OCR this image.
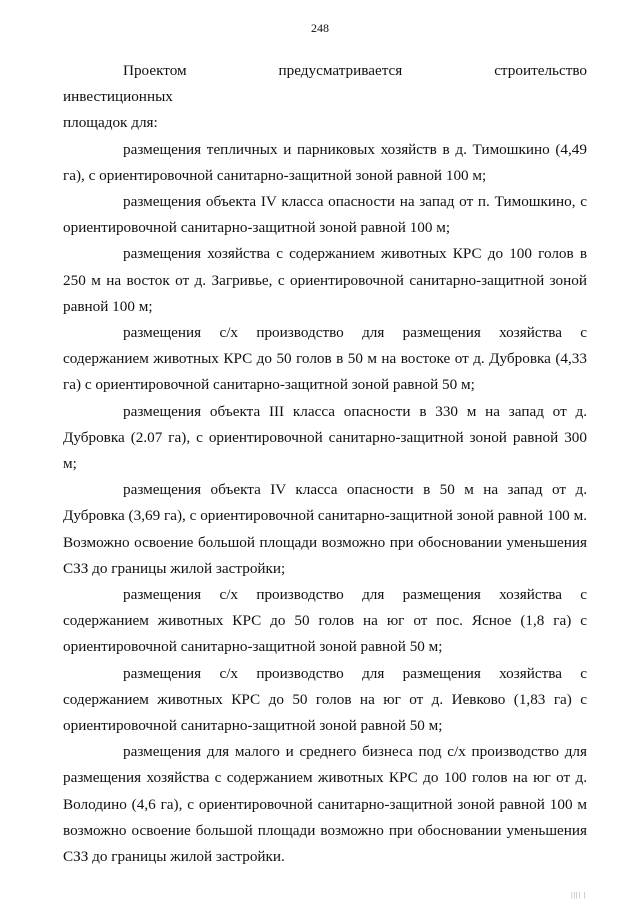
248

Проектом предусматривается строительство инвестиционных

площадок для:

размещения тепличных и парниковых хозяйств в д. Тимошкино (4,49 га), с ориентировочной санитарно-защитной зоной равной 100 м;

размещения объекта IV класса опасности на запад от п. Тимошкино, с ориентировочной санитарно-защитной зоной равной 100 м;

размещения хозяйства с содержанием животных КРС до 100 голов в 250 м на восток от д. Загривье, с ориентировочной санитарно-защитной зоной равной 100 м;

размещения с/х производство для размещения хозяйства с содержанием животных КРС до 50 голов в 50 м на востоке от д. Дубровка (4,33 га) с ориентировочной санитарно-защитной зоной равной 50 м;

размещения объекта III класса опасности в 330 м на запад от д. Дубровка (2.07 га), с ориентировочной санитарно-защитной зоной равной 300 м;

размещения объекта IV класса опасности в 50 м на запад от д. Дубровка (3,69 га), с ориентировочной санитарно-защитной зоной равной 100 м. Возможно освоение большой площади возможно при обосновании уменьшения СЗЗ до границы жилой застройки;

размещения с/х производство для размещения хозяйства с содержанием животных КРС до 50 голов на юг от пос. Ясное (1,8 га) с ориентировочной санитарно-защитной зоной равной 50 м;

размещения с/х производство для размещения хозяйства с содержанием животных КРС до 50 голов на юг от д. Иевково (1,83 га) с ориентировочной санитарно-защитной зоной равной 50 м;

размещения для малого и среднего бизнеса под с/х производство для размещения хозяйства с содержанием животных КРС до 100 голов на юг от д. Володино (4,6 га), с ориентировочной санитарно-защитной зоной равной 100 м возможно освоение большой площади возможно при обосновании уменьшения СЗЗ до границы жилой застройки.

|||| |
